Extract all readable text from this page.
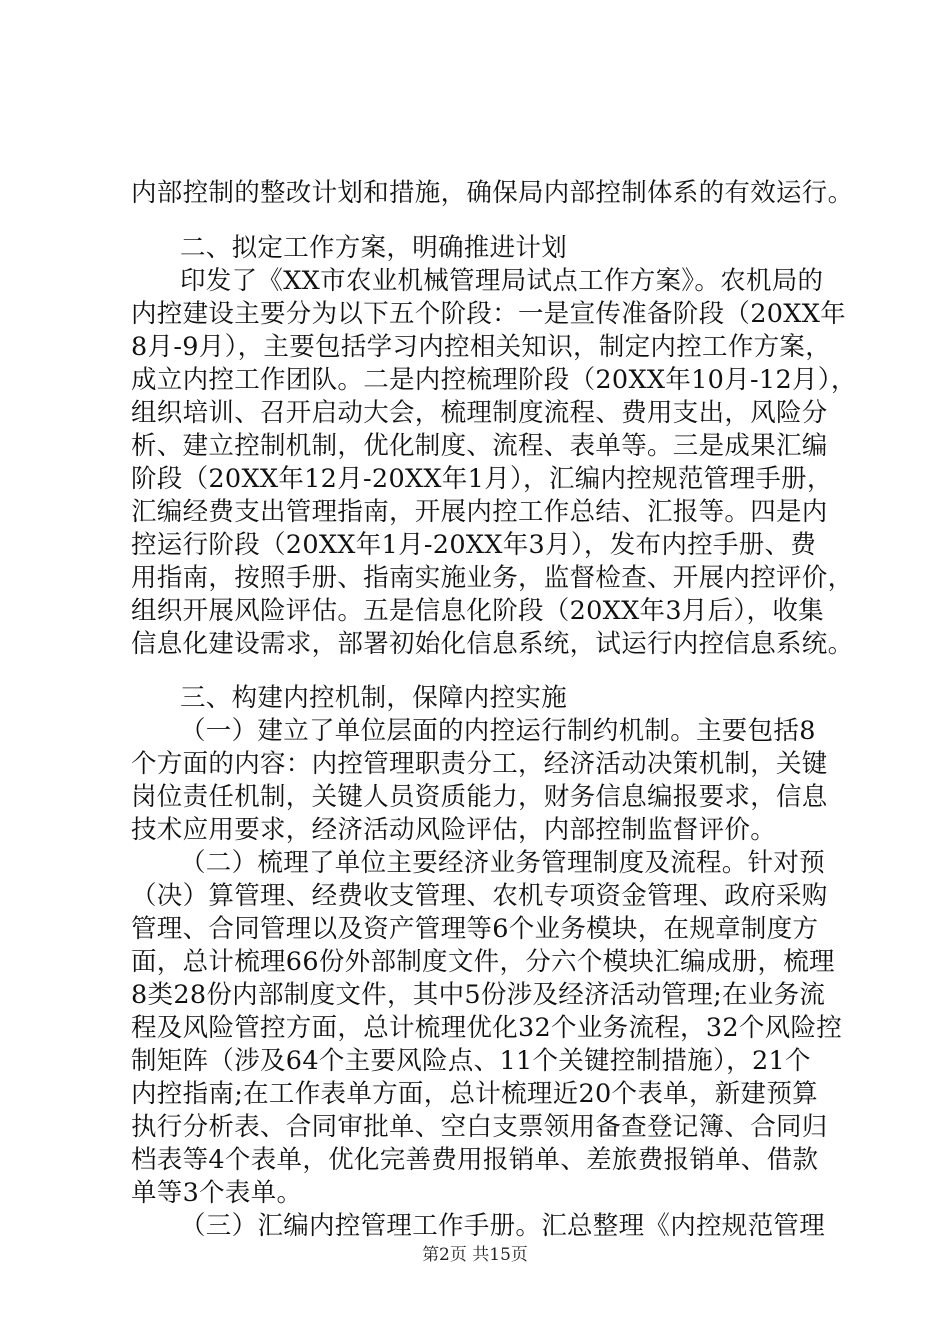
内部控制的整改计划和措施，确保局内部控制体系的有效运行。
二、拟定工作方案，明确推进计划
印发了《XX市农业机械管理局试点工作方案》。农机局的
内控建设主要分为以下五个阶段：一是宣传准备阶段（20XX年
8月-9月），主要包括学习内控相关知识，制定内控工作方案，
成立内控工作团队。二是内控梳理阶段（20XX年10月-12月），
组织培训、召开启动大会，梳理制度流程、费用支出，风险分
析、建立控制机制，优化制度、流程、表单等。三是成果汇编
阶段（20XX年12月-20XX年1月），汇编内控规范管理手册，
汇编经费支出管理指南，开展内控工作总结、汇报等。四是内
控运行阶段（20XX年1月-20XX年3月），发布内控手册、费
用指南，按照手册、指南实施业务，监督检查、开展内控评价，
组织开展风险评估。五是信息化阶段（20XX年3月后），收集
信息化建设需求，部署初始化信息系统，试运行内控信息系统。
三、构建内控机制，保障内控实施
（一）建立了单位层面的内控运行制约机制。主要包括8
个方面的内容：内控管理职责分工，经济活动决策机制，关键
岗位责任机制，关键人员资质能力，财务信息编报要求，信息
技术应用要求，经济活动风险评估，内部控制监督评价。
（二）梳理了单位主要经济业务管理制度及流程。针对预
（决）算管理、经费收支管理、农机专项资金管理、政府采购
管理、合同管理以及资产管理等6个业务模块，在规章制度方
面，总计梳理66份外部制度文件，分六个模块汇编成册，梳理
8类28份内部制度文件，其中5份涉及经济活动管理;在业务流
程及风险管控方面，总计梳理优化32个业务流程，32个风险控
制矩阵（涉及64个主要风险点、11个关键控制措施），21个
内控指南;在工作表单方面，总计梳理近20个表单，新建预算
执行分析表、合同审批单、空白支票领用备查登记簿、合同归
档表等4个表单，优化完善费用报销单、差旅费报销单、借款
单等3个表单。
（三）汇编内控管理工作手册。汇总整理《内控规范管理
第2页 共15页
